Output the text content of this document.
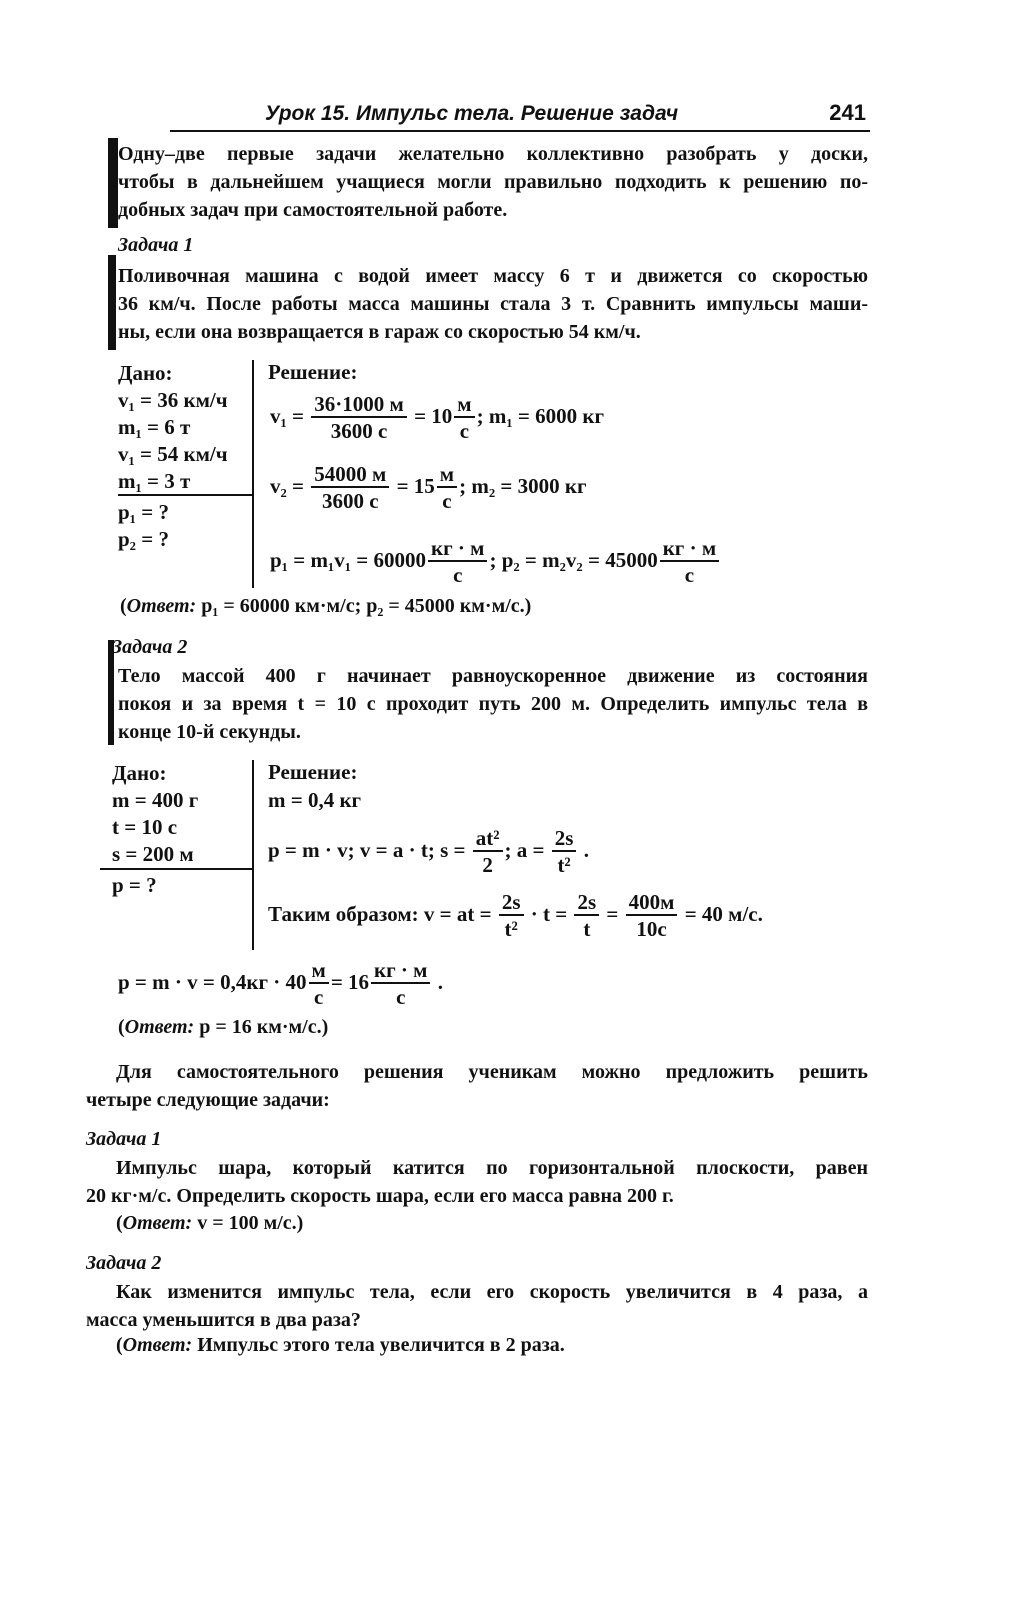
Урок 15. Импульс тела. Решение задач	241
Одну–две первые задачи желательно коллективно разобрать у доски,
чтобы в дальнейшем учащиеся могли правильно подходить к решению по-
добных задач при самостоятельной работе.
Задача 1
Поливочная машина с водой имеет массу 6 т и движется со скоростью
36 км/ч. После работы масса машины стала 3 т. Сравнить импульсы маши-
ны, если она возвращается в гараж со скоростью 54 км/ч.
Дано:
v₁ = 36 км/ч
m₁ = 6 т
v₁ = 54 км/ч
m₁ = 3 т
p₁ = ?
p₂ = ?
Решение:
$v_1 = \frac{36\cdot 1000 м}{3600 с} = 10 \frac{м}{с}$ ; m₁ = 6000 кг
$v_2 = \frac{54000 м}{3600 с} = 15 \frac{м}{с}$ ; m₂ = 3000 кг
$p_1 = m_1v_1 = 60000 \frac{кг \cdot м}{с}$ ; $p_2 = m_2v_2 = 45000 \frac{кг \cdot м}{с}$
(Ответ: p₁ = 60000 км·м/с; p₂ = 45000 км·м/с.)
Задача 2
Тело массой 400 г начинает равноускоренное движение из состояния
покоя и за время t = 10 с проходит путь 200 м. Определить импульс тела в
конце 10-й секунды.
Дано:
m = 400 г
t = 10 с
s = 200 м
p = ?
Решение:
m = 0,4 кг
p = m · v; v = a · t; $s = \frac{\text{at²}}{2}$ ; $a = \frac{2s}{\text{t²}}$ .
Таким образом: v = at = $\frac{2s}{\text{t²}} \cdot t = \frac{2s}{t} = \frac{400м}{10с} = 40$ м/с.
$p = m \cdot v = 0,4кг \cdot 40 \frac{м}{с} = 16 \frac{кг \cdot м}{с}$ .
(Ответ: p = 16 км·м/с.)
Для самостоятельного решения ученикам можно предложить решить
четыре следующие задачи:
Задача 1
Импульс шара, который катится по горизонтальной плоскости, равен
20 кг·м/с. Определить скорость шара, если его масса равна 200 г.
(Ответ: v = 100 м/с.)
Задача 2
Как изменится импульс тела, если его скорость увеличится в 4 раза, а
масса уменьшится в два раза?
(Ответ: Импульс этого тела увеличится в 2 раза.
